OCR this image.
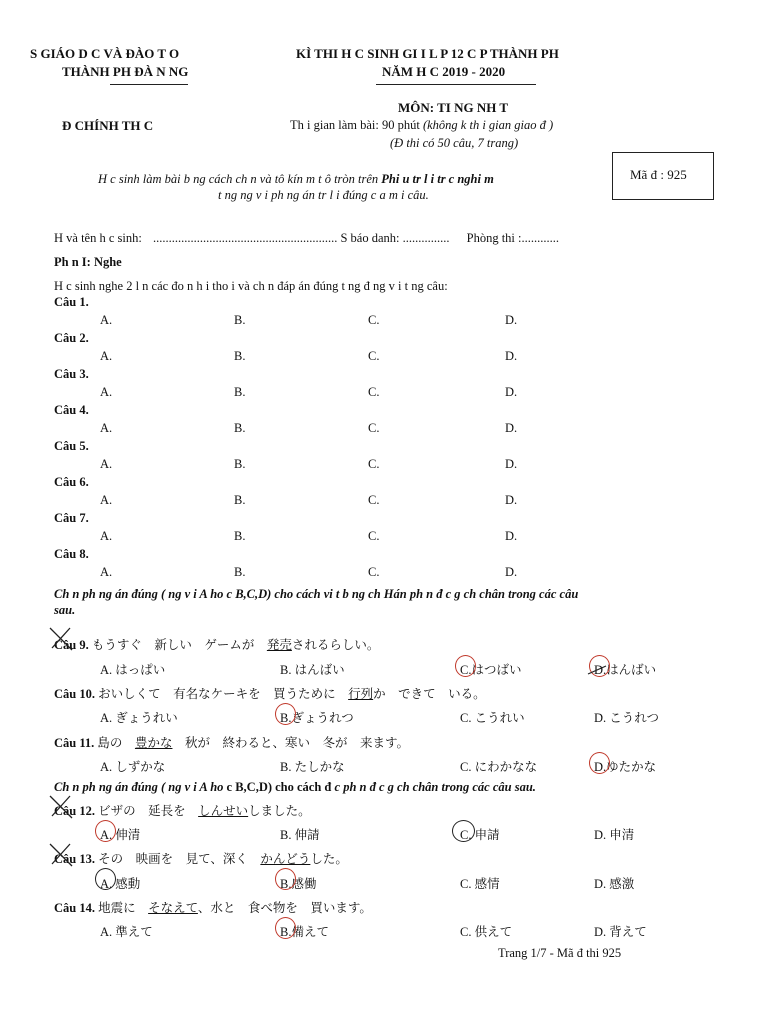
S GIÁO D C VÀ ĐÀO T O
THÀNH PH ĐÀ N NG
KÌ THI H C SINH GI I L P 12 C P THÀNH PH
NĂM H C 2019 - 2020
MÔN: TI NG NH T
Đ CHÍNH TH C	Th i gian làm bài: 90 phút (không k th i gian giao đ )
(Đ thi có 50 câu, 7 trang)
Mã đ : 925
H c sinh làm bài b ng cách ch n và tô kín m t ô tròn trên Phi u tr l i tr c nghi m
t ng ng v i ph ng án tr l i đúng c a m i câu.
H và tên h c sinh: ........................................................... S báo danh: ............... Phòng thi :............
Ph n I: Nghe
H c sinh nghe 2 l n các đo n h i tho i và ch n đáp án đúng t ng đ ng v i t ng câu:
Câu 1.
A.	B.	C.	D.
Câu 2.
A.	B.	C.	D.
Câu 3.
A.	B.	C.	D.
Câu 4.
A.	B.	C.	D.
Câu 5.
A.	B.	C.	D.
Câu 6.
A.	B.	C.	D.
Câu 7.
A.	B.	C.	D.
Câu 8.
A.	B.	C.	D.
Ch n ph ng án đúng ( ng v i A ho c B,C,D) cho cách vi t b ng ch Hán ph n đ c g ch chân trong các câu
sau.
Câu 9. もうすぐ　新しい　ゲームが　発売されるらしい。
A. はっぱい	B. はんばい	C.はつばい	D.はんばい
Câu 10. おいしくて　有名なケーキを　買うために　行列か　できて　いる。
A. ぎょうれい	B.ぎょうれつ	C. こうれい	D. こうれつ
Câu 11. 島の　豊かな　秋が　終わると、寒い　冬が　来ます。
A. しずかな	B. たしかな	C. にわかなな	D.ゆたかな
Ch n ph ng án đúng ( ng v i A ho c B,C,D) cho cách đ c ph n đ c g ch chân trong các câu sau.
Câu 12. ビザの　延長を　しんせいしました。
A. 伸清	B. 伸請	C. 申請	D. 申清
Câu 13. その　映画を　見て、深く　かんどうした。
A. 感動	B.感働	C. 感情	D. 感激
Câu 14. 地震に　そなえて、水と　食べ物を　買います。
A. 準えて	B.備えて	C. 供えて	D. 背えて
Trang 1/7 - Mã đ thi 925
